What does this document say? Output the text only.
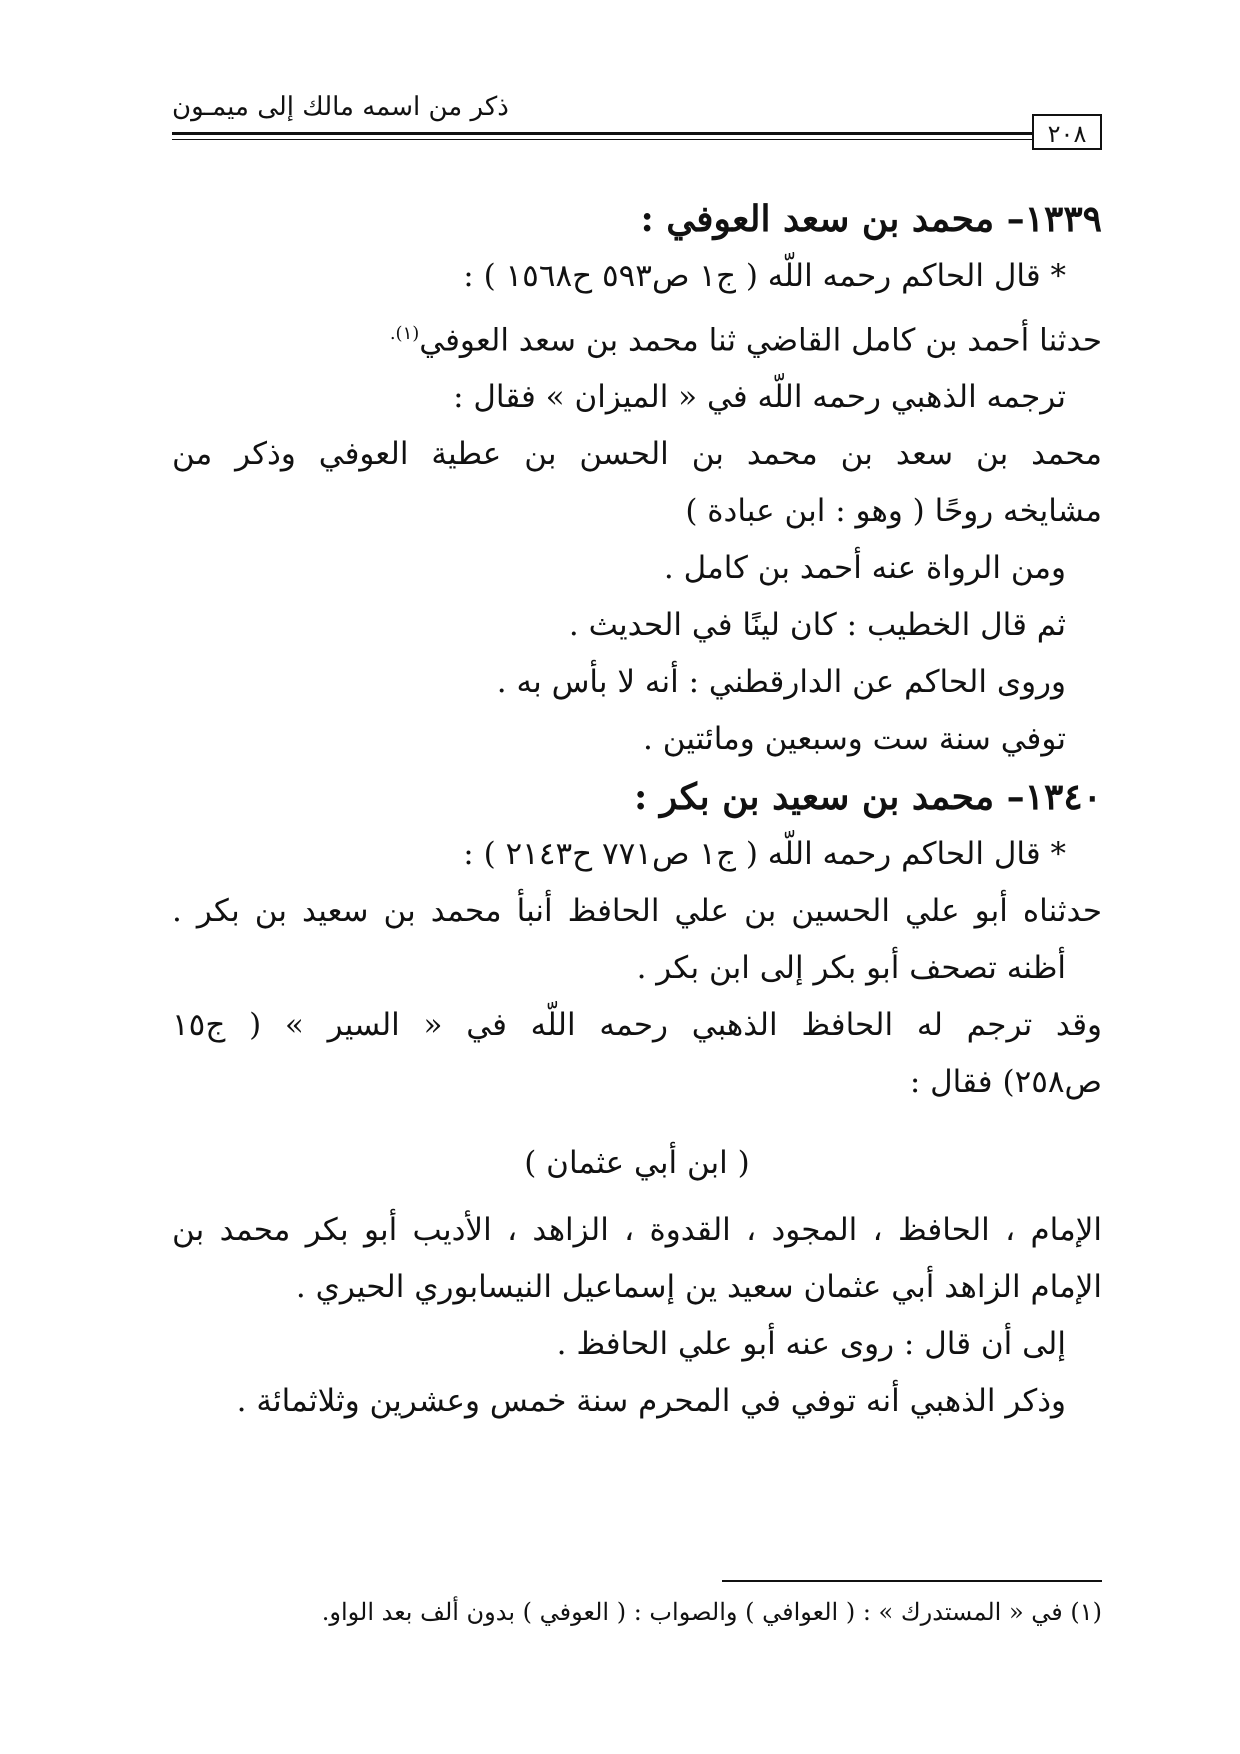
٢٠٨
ذكر من اسمه مالك إلى ميمـون
١٣٣٩– محمد بن سعد العوفي :

* قال الحاكم رحمه اللّه ( ج١ ص٥٩٣ ح١٥٦٨ ) :

حدثنا أحمد بن كامل القاضي ثنا محمد بن سعد العوفي$^{(١).}$

ترجمه الذهبي رحمه اللّه في « الميزان » فقال :

محمد بن سعد بن محمد بن الحسن بن عطية العوفي وذكر من

مشايخه روحًا ( وهو : ابن عبادة )

ومن الرواة عنه أحمد بن كامل .

ثم قال الخطيب : كان لينًا في الحديث .

وروى الحاكم عن الدارقطني : أنه لا بأس به .

توفي سنة ست وسبعين ومائتين .

١٣٤٠– محمد بن سعيد بن بكر :

* قال الحاكم رحمه اللّه ( ج١ ص٧٧١ ح٢١٤٣ ) :

حدثناه أبو علي الحسين بن علي الحافظ أنبأ محمد بن سعيد بن بكر .

أظنه تصحف أبو بكر إلى ابن بكر .

وقد ترجم له الحافظ الذهبي رحمه اللّه في « السير » ( ج١٥

ص٢٥٨) فقال :

( ابن أبي عثمان )

الإمام ، الحافظ ، المجود ، القدوة ، الزاهد ، الأديب أبو بكر محمد بن

الإمام الزاهد أبي عثمان سعيد ين إسماعيل النيسابوري الحيري .

إلى أن قال : روى عنه أبو علي الحافظ .

وذكر الذهبي أنه توفي في المحرم سنة خمس وعشرين وثلاثمائة .

(١) في « المستدرك » : ( العوافي ) والصواب : ( العوفي ) بدون ألف بعد الواو.
